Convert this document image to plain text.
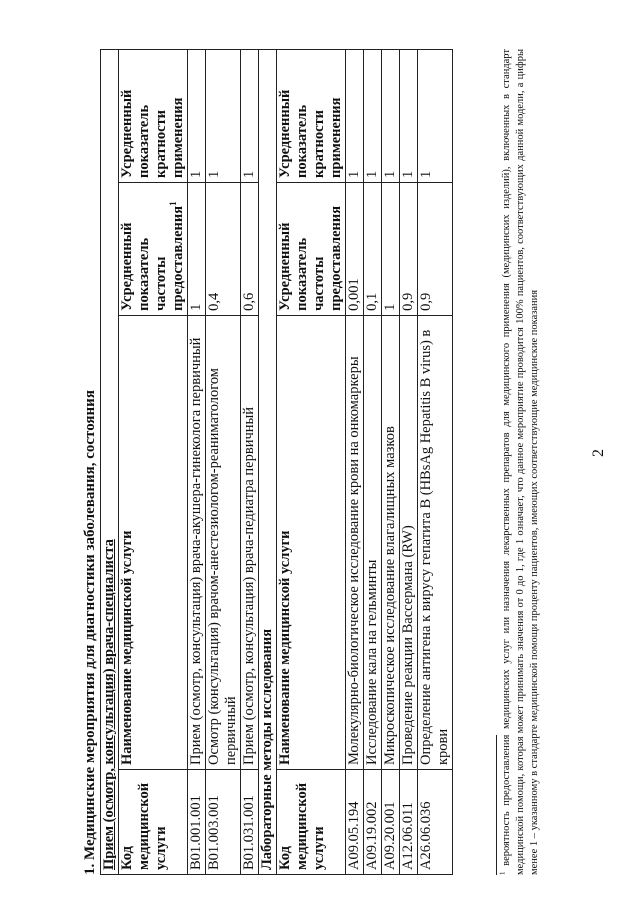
2
1. Медицинские мероприятия для диагностики заболевания, состояния Прием (осмотр, консультация) врача-специалиста			
Код медицинской услуги	Наименование медицинской услуги	Усредненный показатель частоты предоставления$^1$	Усредненный показатель кратности применения
B01.001.001	Прием (осмотр, консультация) врача-акушера-гинеколога первичный	1	1
B01.003.001	Осмотр (консультация) врачом-анестезиологом-реаниматологом первичный	0,4	1
B01.031.001	Прием (осмотр, консультация) врача-педиатра первичный	0,6	1
Лабораторные методы исследования			
Код медицинской услуги	Наименование медицинской услуги	Усредненный показатель частоты предоставления	Усредненный показатель кратности применения
A09.05.194	Молекулярно-биологическое исследование крови на онкомаркеры	0,001	1
A09.19.002	Исследование кала на гельминты	0,1	1
A09.20.001	Микроскопическое исследование влагалищных мазков	1	1
A12.06.011	Проведение реакции Вассермана (RW)	0,9	1
A26.06.036	Определение антигена к вирусу гепатита B (HBsAg Hepatitis B virus) в крови	0,9	1
$^1$ вероятность предоставления медицинских услуг или назначения лекарственных препаратов для медицинского применения (медицинских изделий), включенных в стандарт медицинской помощи, которая может принимать значения от 0 до 1, где 1 означает, что данное мероприятие проводится 100% пациентов, соответствующих данной модели, а цифры менее 1 – указанному в стандарте медицинской помощи проценту пациентов, имеющих соответствующие медицинские показания
